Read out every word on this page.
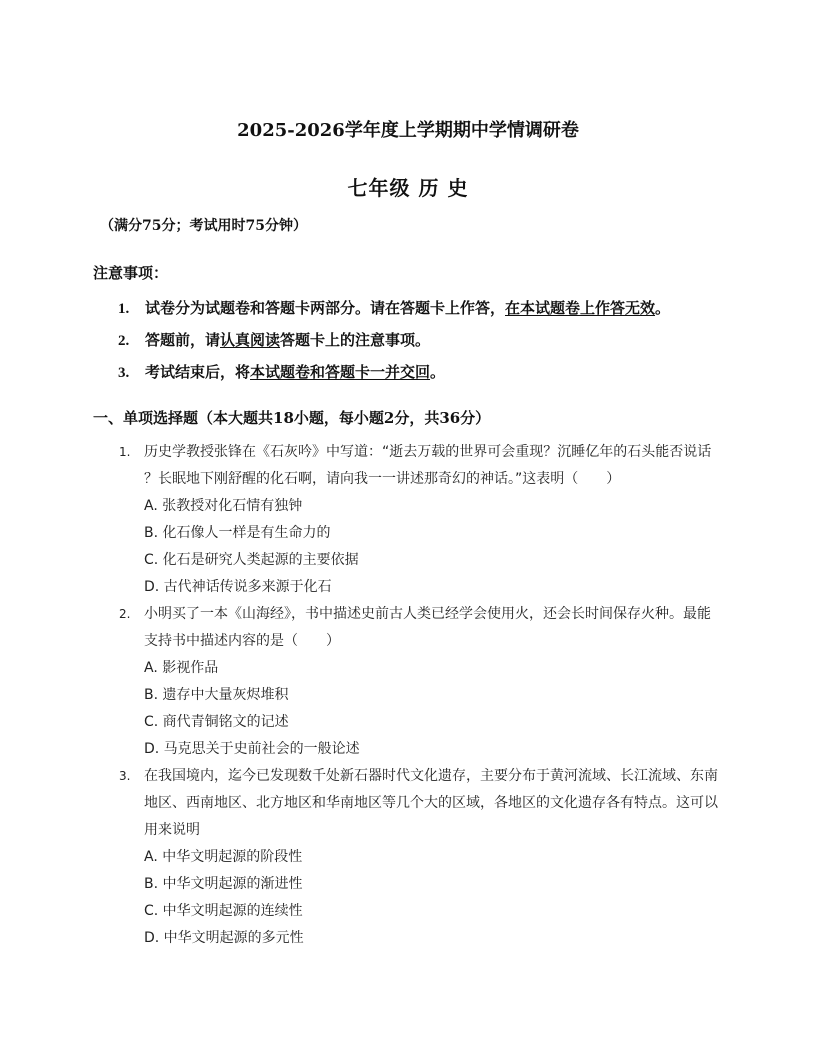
2025-2026学年度上学期期中学情调研卷
七年级 历 史
（满分75分；考试用时75分钟）
注意事项：
1. 试卷分为试题卷和答题卡两部分。请在答题卡上作答，在本试题卷上作答无效。
2. 答题前，请认真阅读答题卡上的注意事项。
3. 考试结束后，将本试题卷和答题卡一并交回。
一、单项选择题（本大题共18小题，每小题2分，共36分）
1. 历史学教授张锋在《石灰吟》中写道：“逝去万载的世界可会重现？沉睡亿年的石头能否说话
？长眠地下刚舒醒的化石啊，请向我一一讲述那奇幻的神话。”这表明（　　）
A. 张教授对化石情有独钟
B. 化石像人一样是有生命力的
C. 化石是研究人类起源的主要依据
D. 古代神话传说多来源于化石
2. 小明买了一本《山海经》，书中描述史前古人类已经学会使用火，还会长时间保存火种。最能
支持书中描述内容的是（　　）
A. 影视作品
B. 遗存中大量灰烬堆积
C. 商代青铜铭文的记述
D. 马克思关于史前社会的一般论述
3. 在我国境内，迄今已发现数千处新石器时代文化遗存，主要分布于黄河流域、长江流域、东南
地区、西南地区、北方地区和华南地区等几个大的区域，各地区的文化遗存各有特点。这可以
用来说明
A. 中华文明起源的阶段性
B. 中华文明起源的渐进性
C. 中华文明起源的连续性
D. 中华文明起源的多元性
